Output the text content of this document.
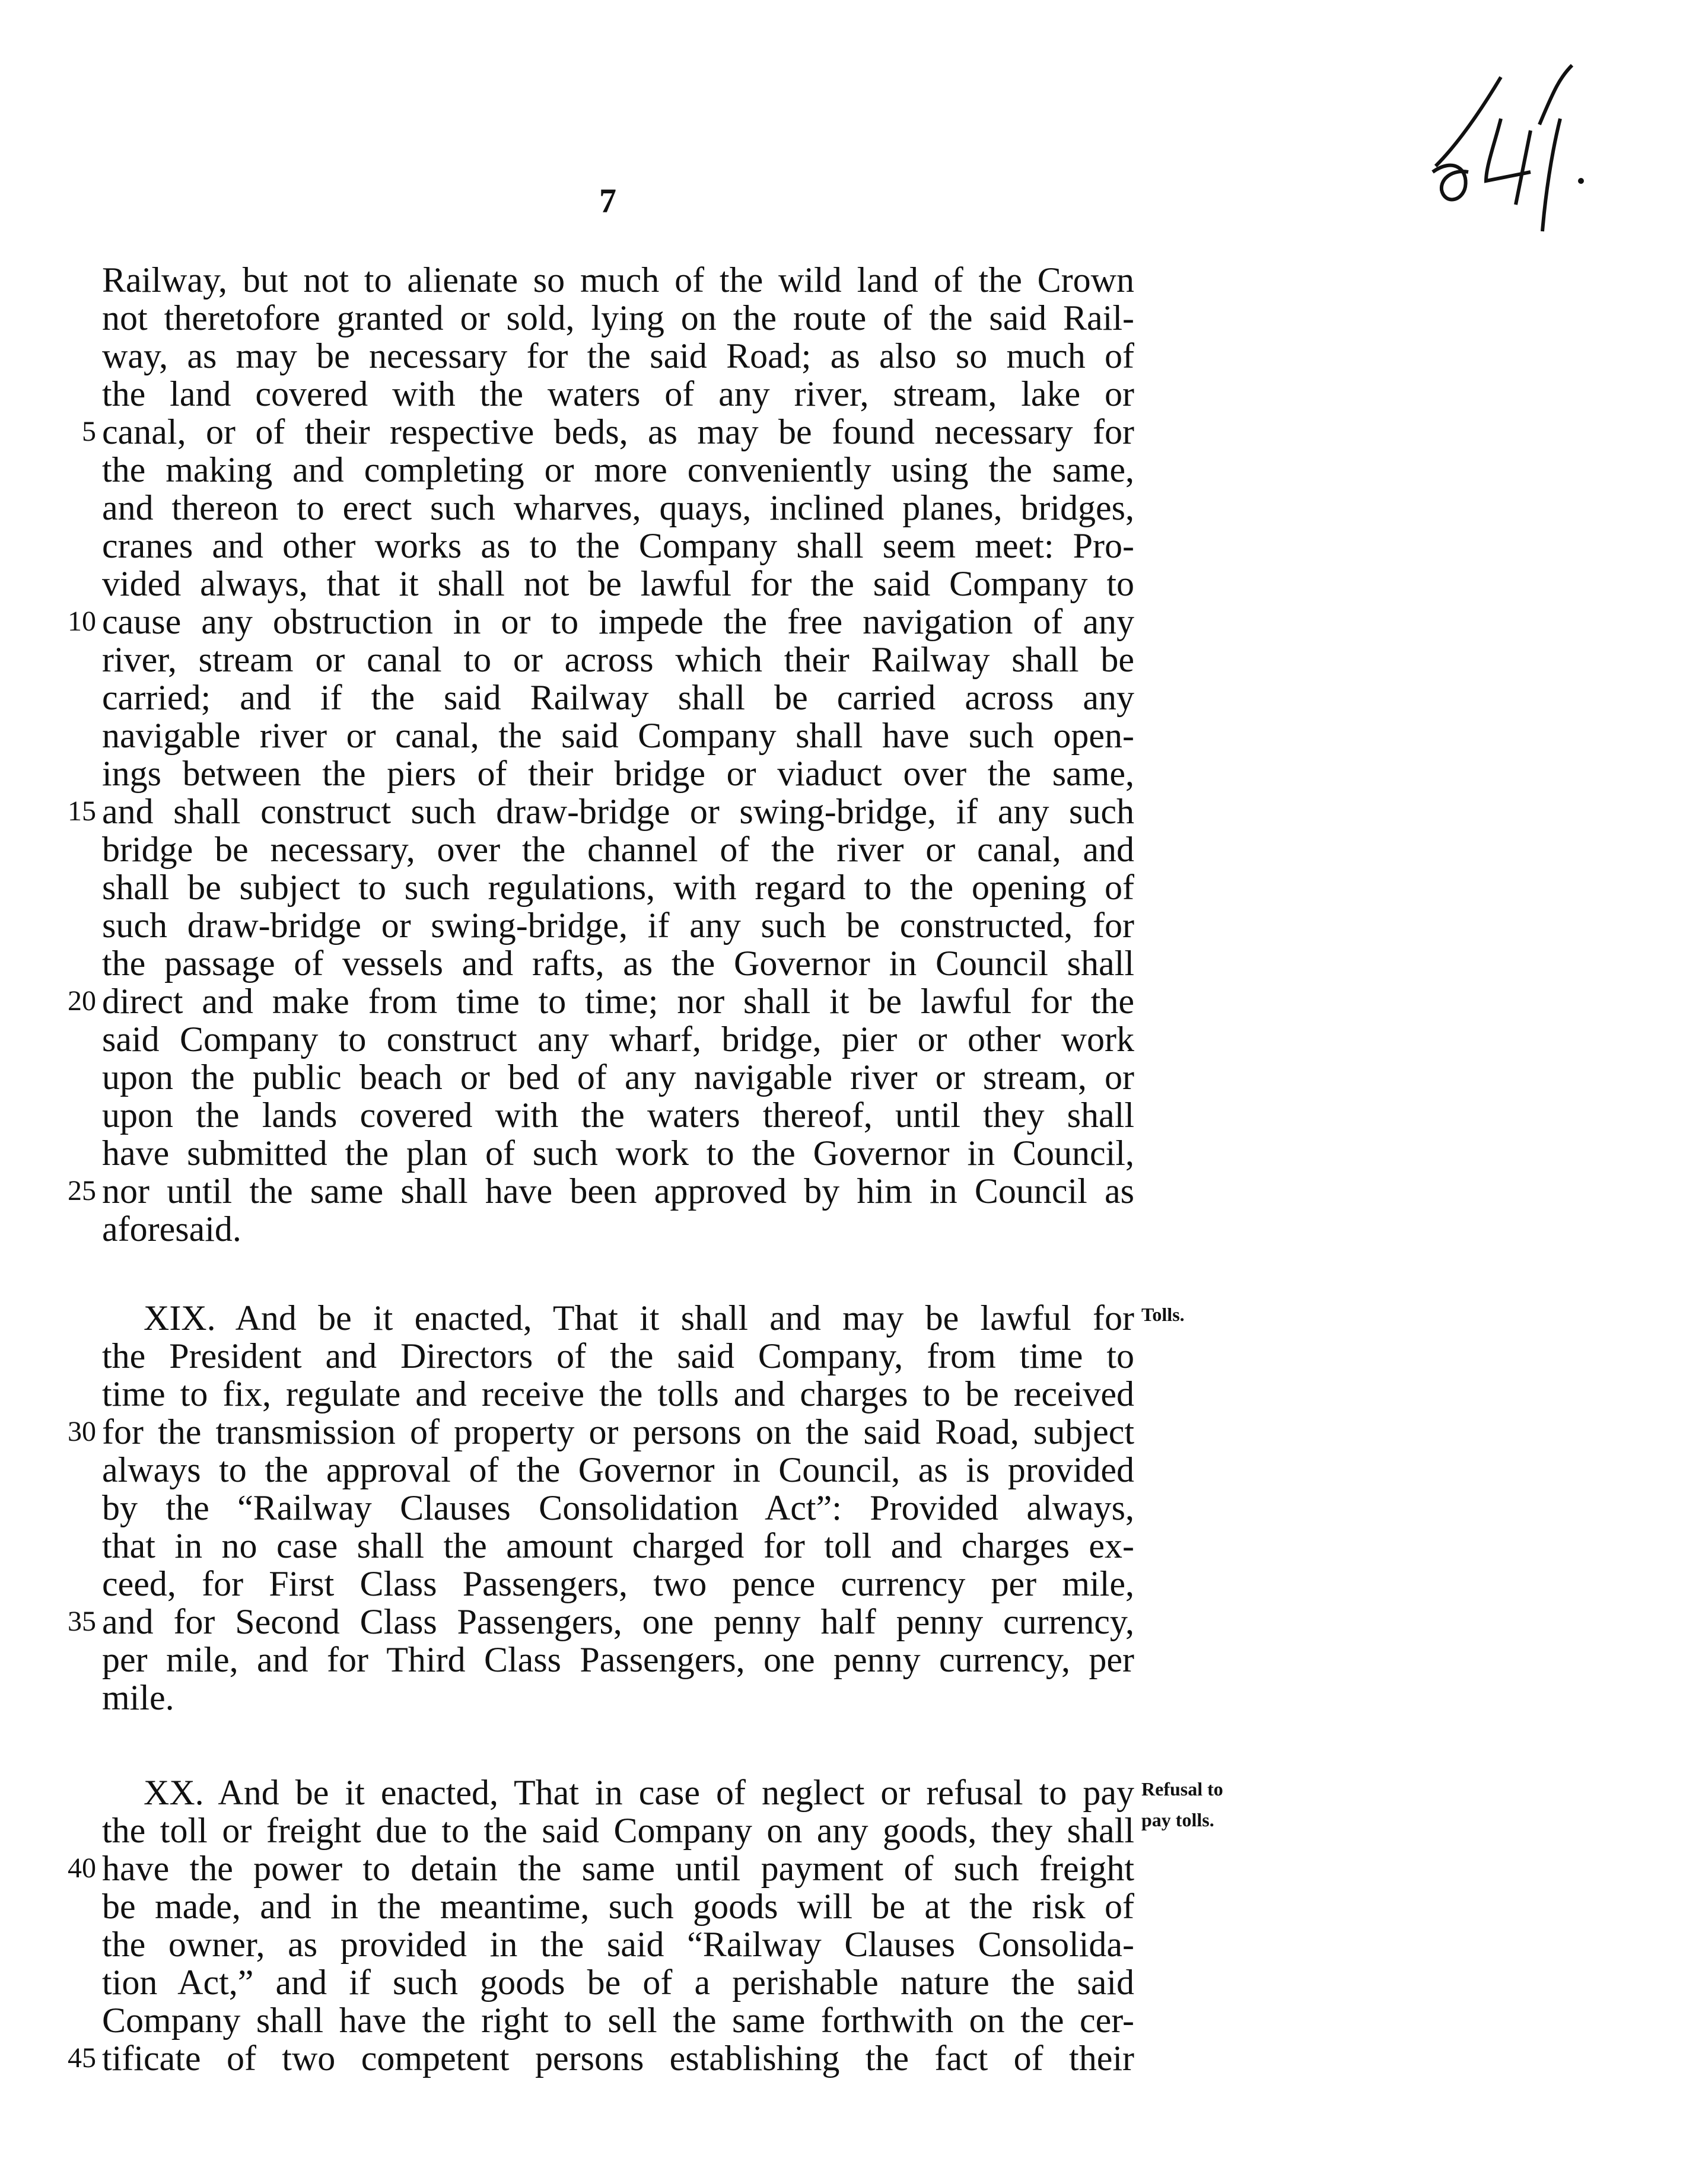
7
Railway, but not to alienate so much of the wild land of the Crown
not theretofore granted or sold, lying on the route of the said Rail-
way, as may be necessary for the said Road; as also so much of
the land covered with the waters of any river, stream, lake or
canal, or of their respective beds, as may be found necessary for
5
the making and completing or more conveniently using the same,
and thereon to erect such wharves, quays, inclined planes, bridges,
cranes and other works as to the Company shall seem meet: Pro-
vided always, that it shall not be lawful for the said Company to
cause any obstruction in or to impede the free navigation of any
10
river, stream or canal to or across which their Railway shall be
carried; and if the said Railway shall be carried across any
navigable river or canal, the said Company shall have such open-
ings between the piers of their bridge or viaduct over the same,
and shall construct such draw-bridge or swing-bridge, if any such
15
bridge be necessary, over the channel of the river or canal, and
shall be subject to such regulations, with regard to the opening of
such draw-bridge or swing-bridge, if any such be constructed, for
the passage of vessels and rafts, as the Governor in Council shall
direct and make from time to time; nor shall it be lawful for the
20
said Company to construct any wharf, bridge, pier or other work
upon the public beach or bed of any navigable river or stream, or
upon the lands covered with the waters thereof, until they shall
have submitted the plan of such work to the Governor in Council,
nor until the same shall have been approved by him in Council as
25
aforesaid.
XIX. And be it enacted, That it shall and may be lawful for Tolls.
the President and Directors of the said Company, from time to
time to fix, regulate and receive the tolls and charges to be received
for the transmission of property or persons on the said Road, subject
30
always to the approval of the Governor in Council, as is provided
by the “Railway Clauses Consolidation Act”: Provided always,
that in no case shall the amount charged for toll and charges ex-
ceed, for First Class Passengers, two pence currency per mile,
and for Second Class Passengers, one penny half penny currency,
35
per mile, and for Third Class Passengers, one penny currency, per
mile.
XX. And be it enacted, That in case of neglect or refusal to pay Refusal to
the toll or freight due to the said Company on any goods, they shall pay tolls.
have the power to detain the same until payment of such freight
40
be made, and in the meantime, such goods will be at the risk of
the owner, as provided in the said “Railway Clauses Consolida-
tion Act,” and if such goods be of a perishable nature the said
Company shall have the right to sell the same forthwith on the cer-
tificate of two competent persons establishing the fact of their
45
